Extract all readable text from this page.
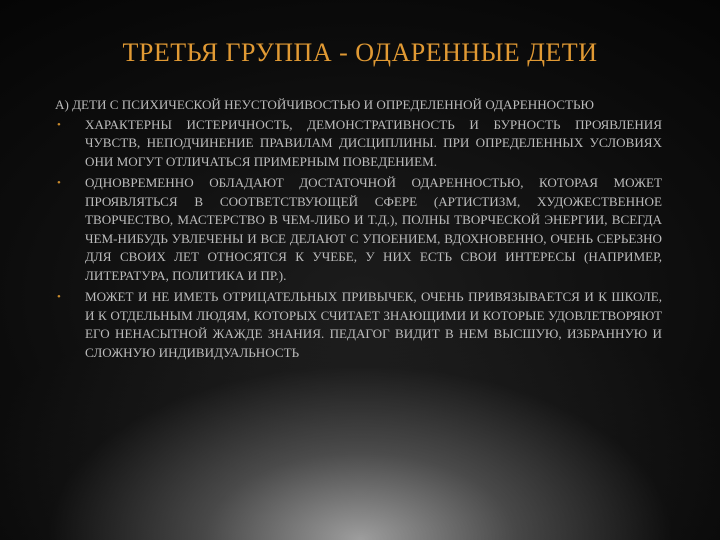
ТРЕТЬЯ ГРУППА - ОДАРЕННЫЕ ДЕТИ

А) ДЕТИ С ПСИХИЧЕСКОЙ НЕУСТОЙЧИВОСТЬЮ И ОПРЕДЕЛЕННОЙ ОДАРЕННОСТЬЮ

• ХАРАКТЕРНЫ ИСТЕРИЧНОСТЬ, ДЕМОНСТРАТИВНОСТЬ И БУРНОСТЬ ПРОЯВЛЕНИЯ ЧУВСТВ, НЕПОДЧИНЕНИЕ ПРАВИЛАМ ДИСЦИПЛИНЫ. ПРИ ОПРЕДЕЛЕННЫХ УСЛОВИЯХ ОНИ МОГУТ ОТЛИЧАТЬСЯ ПРИМЕРНЫМ ПОВЕДЕНИЕМ.
• ОДНОВРЕМЕННО ОБЛАДАЮТ ДОСТАТОЧНОЙ ОДАРЕННОСТЬЮ, КОТОРАЯ МОЖЕТ ПРОЯВЛЯТЬСЯ В СООТВЕТСТВУЮЩЕЙ СФЕРЕ (АРТИСТИЗМ, ХУДОЖЕСТВЕННОЕ ТВОРЧЕСТВО, МАСТЕРСТВО В ЧЕМ-ЛИБО И Т.Д.), ПОЛНЫ ТВОРЧЕСКОЙ ЭНЕРГИИ, ВСЕГДА ЧЕМ-НИБУДЬ УВЛЕЧЕНЫ И ВСЕ ДЕЛАЮТ С УПОЕНИЕМ, ВДОХНОВЕННО, ОЧЕНЬ СЕРЬЕЗНО ДЛЯ СВОИХ ЛЕТ ОТНОСЯТСЯ К УЧЕБЕ, У НИХ ЕСТЬ СВОИ ИНТЕРЕСЫ (НАПРИМЕР, ЛИТЕРАТУРА, ПОЛИТИКА И ПР.).
• МОЖЕТ И НЕ ИМЕТЬ ОТРИЦАТЕЛЬНЫХ ПРИВЫЧЕК, ОЧЕНЬ ПРИВЯЗЫВАЕТСЯ И К ШКОЛЕ, И К ОТДЕЛЬНЫМ ЛЮДЯМ, КОТОРЫХ СЧИТАЕТ ЗНАЮЩИМИ И КОТОРЫЕ УДОВЛЕТВОРЯЮТ ЕГО НЕНАСЫТНОЙ ЖАЖДЕ ЗНАНИЯ. ПЕДАГОГ ВИДИТ В НЕМ ВЫСШУЮ, ИЗБРАННУЮ И СЛОЖНУЮ ИНДИВИДУАЛЬНОСТЬ
